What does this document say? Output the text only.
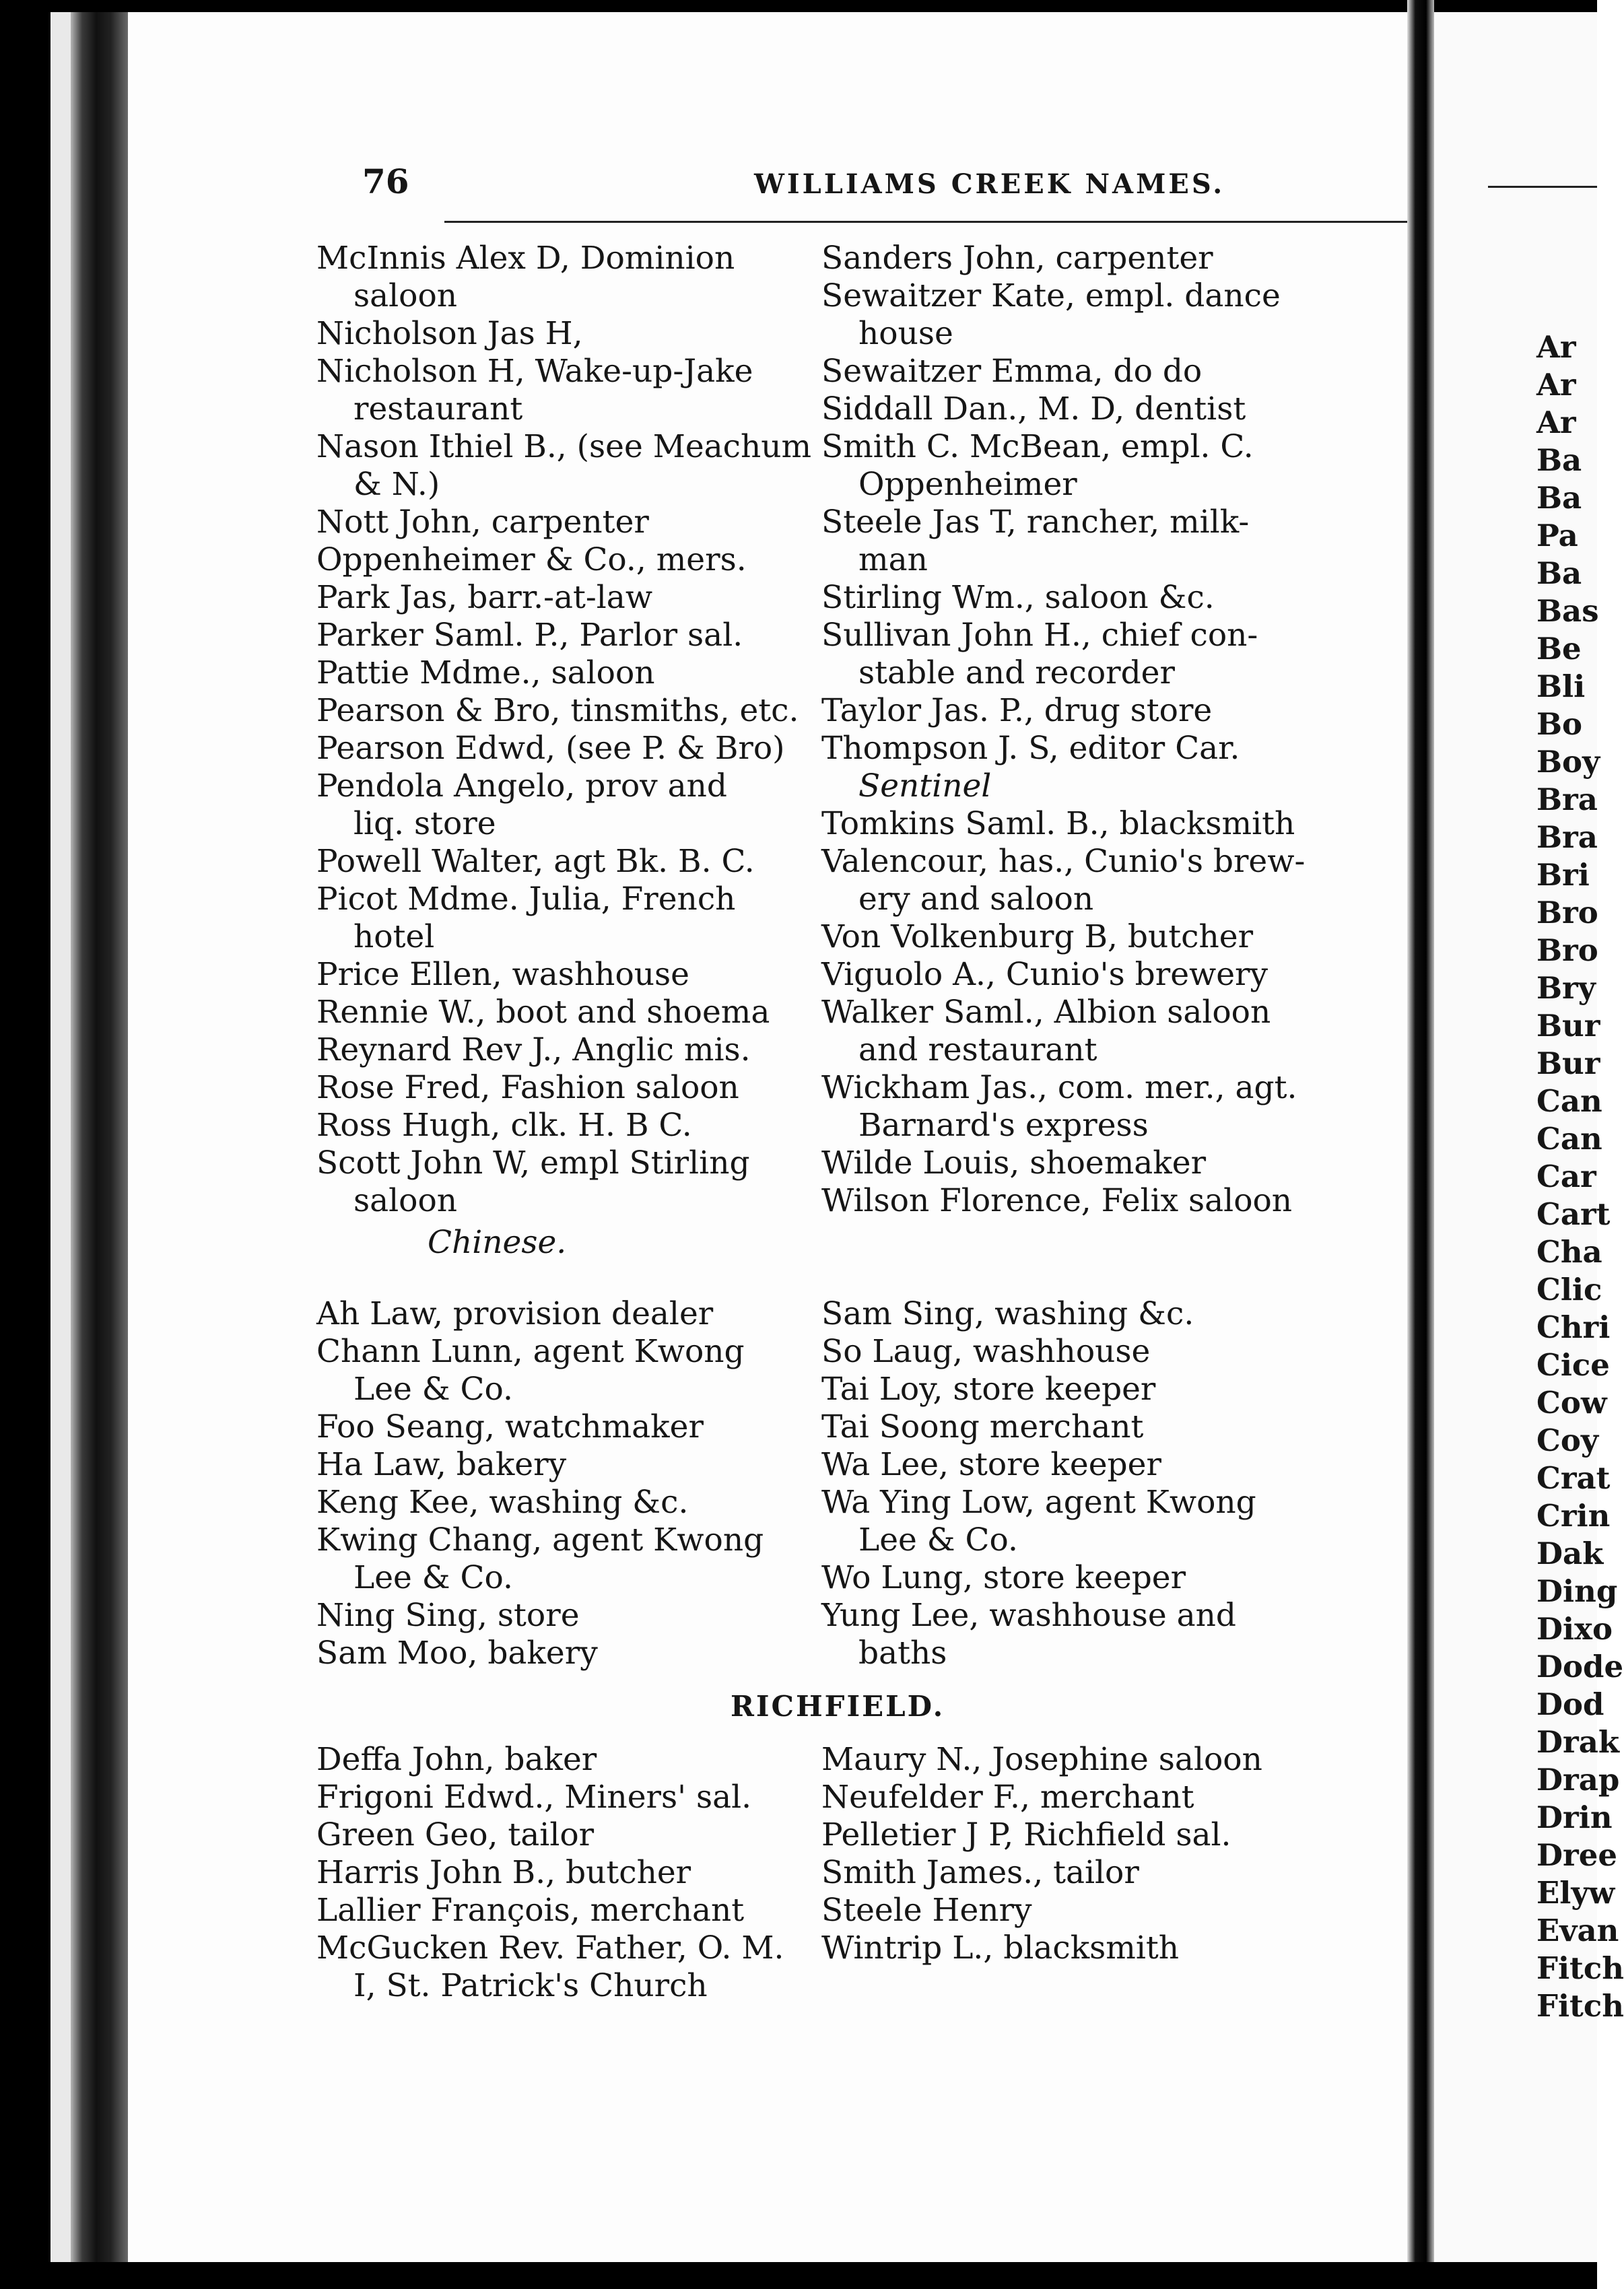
76	WILLIAMS CREEK NAMES.
McInnis Alex D, Dominion
saloon
Nicholson Jas H,
Nicholson H, Wake-up-Jake
restaurant
Nason Ithiel B., (see Meachum
& N.)
Nott John, carpenter
Oppenheimer & Co., mers.
Park Jas, barr.-at-law
Parker Saml. P., Parlor sal.
Pattie Mdme., saloon
Pearson & Bro, tinsmiths, etc.
Pearson Edwd, (see P. & Bro)
Pendola Angelo, prov and
liq. store
Powell Walter, agt Bk. B. C.
Picot Mdme. Julia, French
hotel
Price Ellen, washhouse
Rennie W., boot and shoema
Reynard Rev J., Anglic mis.
Rose Fred, Fashion saloon
Ross Hugh, clk. H. B C.
Scott John W, empl Stirling
saloon
Sanders John, carpenter
Sewaitzer Kate, empl. dance
house
Sewaitzer Emma, do do
Siddall Dan., M. D, dentist
Smith C. McBean, empl. C.
Oppenheimer
Steele Jas T, rancher, milk-
man
Stirling Wm., saloon &c.
Sullivan John H., chief con-
stable and recorder
Taylor Jas. P., drug store
Thompson J. S, editor Car.
Sentinel
Tomkins Saml. B., blacksmith
Valencour, has., Cunio's brew-
ery and saloon
Von Volkenburg B, butcher
Viguolo A., Cunio's brewery
Walker Saml., Albion saloon
and restaurant
Wickham Jas., com. mer., agt.
Barnard's express
Wilde Louis, shoemaker
Wilson Florence, Felix saloon
Chinese.
Ah Law, provision dealer
Chann Lunn, agent Kwong
Lee & Co.
Foo Seang, watchmaker
Ha Law, bakery
Keng Kee, washing &c.
Kwing Chang, agent Kwong
Lee & Co.
Ning Sing, store
Sam Moo, bakery
Sam Sing, washing &c.
So Laug, washhouse
Tai Loy, store keeper
Tai Soong merchant
Wa Lee, store keeper
Wa Ying Low, agent Kwong
Lee & Co.
Wo Lung, store keeper
Yung Lee, washhouse and
baths
RICHFIELD.
Deffa John, baker
Frigoni Edwd., Miners' sal.
Green Geo, tailor
Harris John B., butcher
Lallier François, merchant
McGucken Rev. Father, O. M.
I, St. Patrick's Church
Maury N., Josephine saloon
Neufelder F., merchant
Pelletier J P, Richfield sal.
Smith James., tailor
Steele Henry
Wintrip L., blacksmith
Ar
Ar
Ar
Ba
Ba
Pa
Ba
Bas
Be
Bli
Bo
Boy
Bra
Bra
Bri
Bro
Bro
Bry
Bur
Bur
Can
Can
Car
Cart
Cha
Clic
Chri
Cice
Cow
Coy
Crat
Crin
Dak
Ding
Dixo
Dode
Dod
Drak
Drap
Drin
Dree
Elyw
Evan
Fitch
Fitch
